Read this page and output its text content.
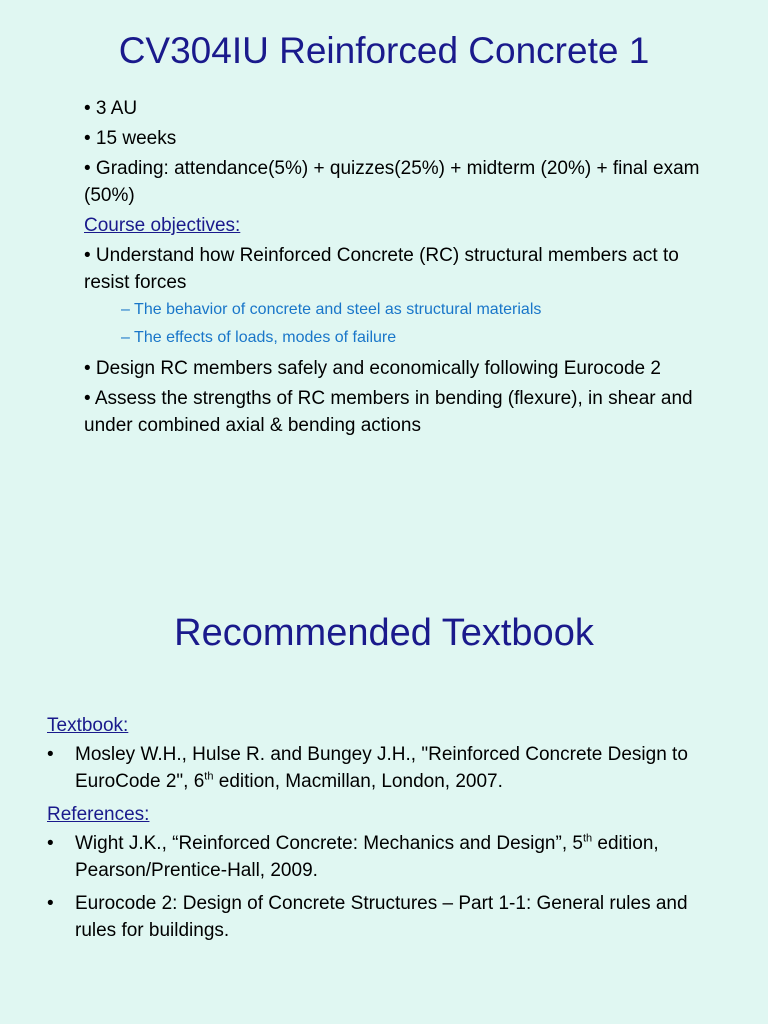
CV304IU Reinforced Concrete 1

• 3 AU

• 15 weeks

• Grading: attendance(5%) + quizzes(25%) + midterm (20%) + final exam (50%)

Course objectives:

• Understand how Reinforced Concrete (RC) structural members act to resist forces

– The behavior of concrete and steel as structural materials

– The effects of loads, modes of failure

• Design RC members safely and economically following Eurocode 2

• Assess the strengths of RC members in bending (flexure), in shear and under combined axial & bending actions

Recommended Textbook

Textbook:

• Mosley W.H., Hulse R. and Bungey J.H., "Reinforced Concrete Design to EuroCode 2", 6th edition, Macmillan, London, 2007.

References:

• Wight J.K., “Reinforced Concrete: Mechanics and Design”, 5th edition, Pearson/Prentice-Hall, 2009.
• Eurocode 2: Design of Concrete Structures – Part 1-1: General rules and rules for buildings.
